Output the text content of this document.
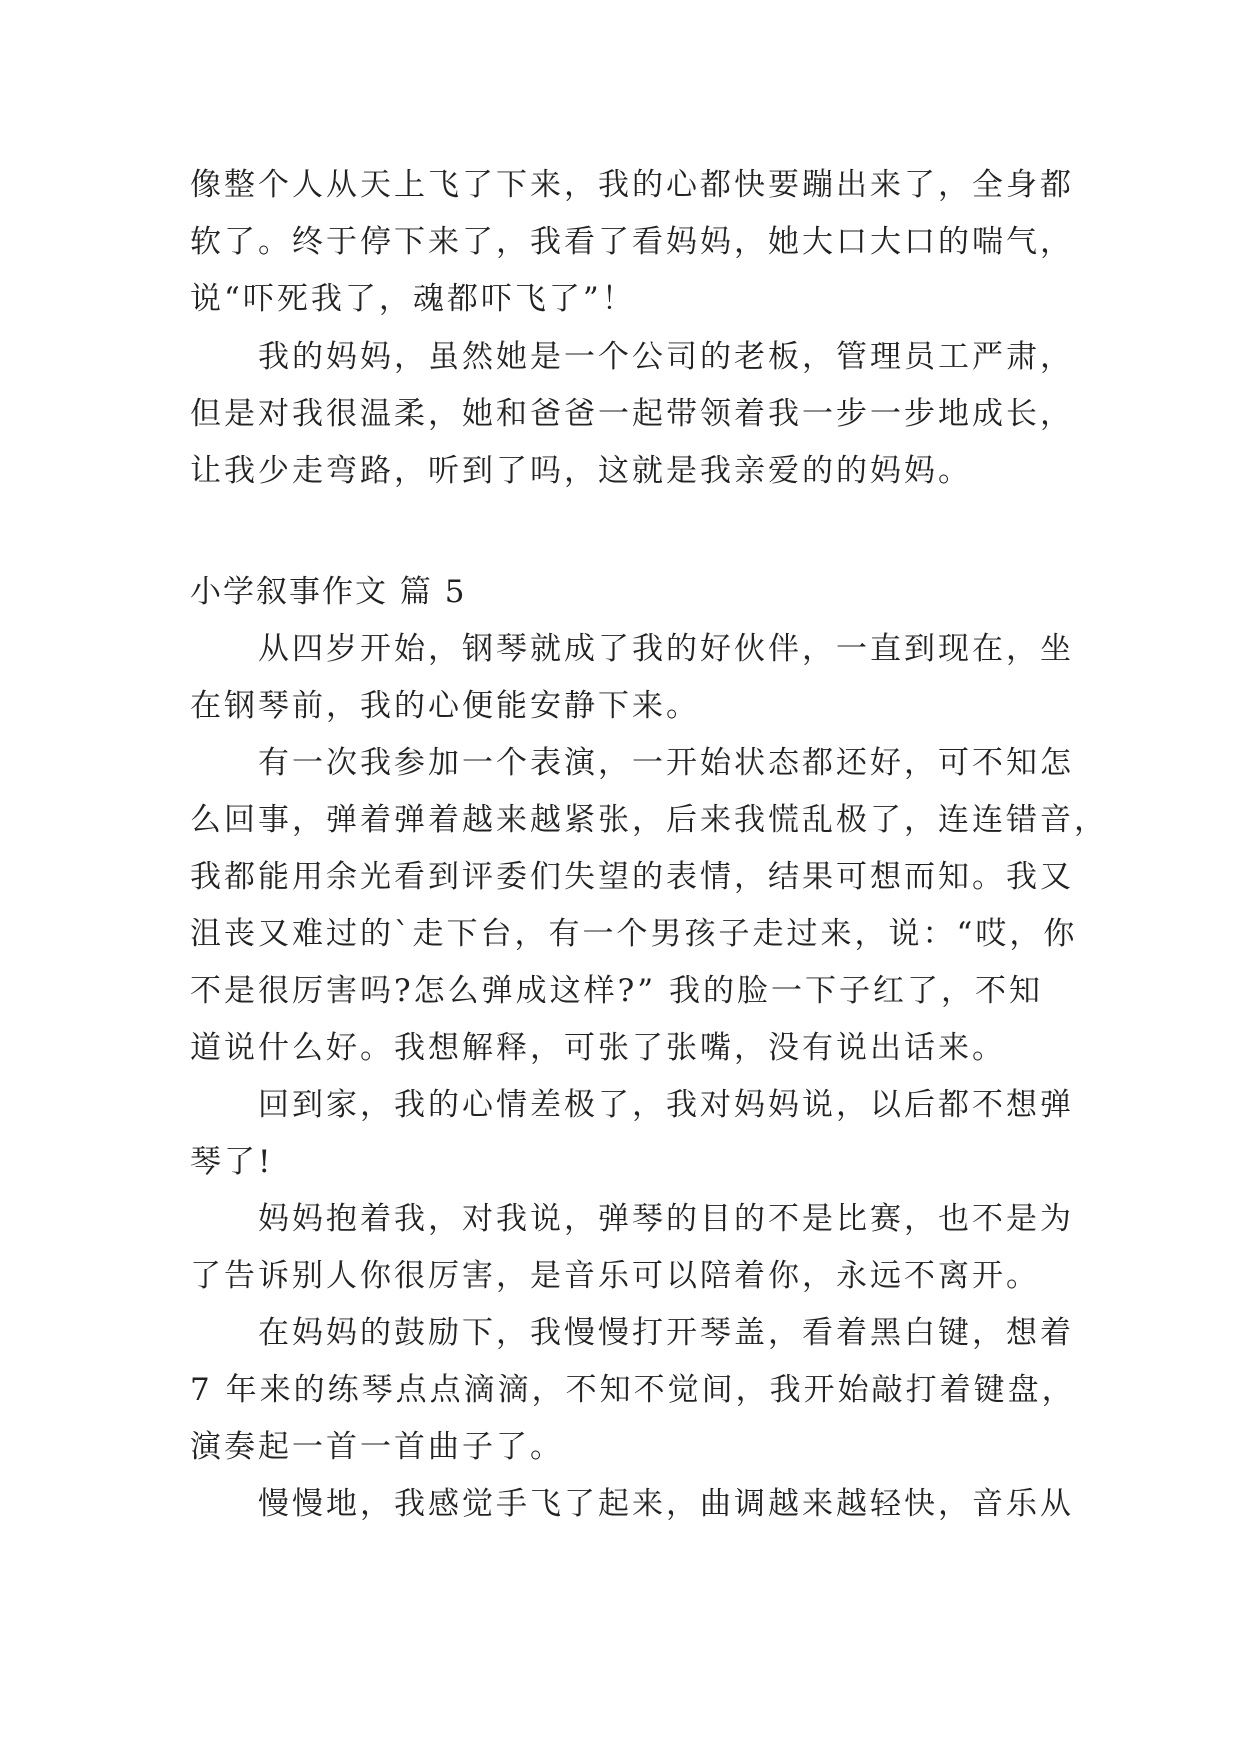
像整个人从天上飞了下来，我的心都快要蹦出来了，全身都
软了。终于停下来了，我看了看妈妈，她大口大口的喘气，
说“吓死我了，魂都吓飞了”！
我的妈妈，虽然她是一个公司的老板，管理员工严肃，
但是对我很温柔，她和爸爸一起带领着我一步一步地成长，
让我少走弯路，听到了吗，这就是我亲爱的的妈妈。
小学叙事作文 篇 5
从四岁开始，钢琴就成了我的好伙伴，一直到现在，坐
在钢琴前，我的心便能安静下来。
有一次我参加一个表演，一开始状态都还好，可不知怎
么回事，弹着弹着越来越紧张，后来我慌乱极了，连连错音，
我都能用余光看到评委们失望的表情，结果可想而知。我又
沮丧又难过的`走下台，有一个男孩子走过来，说：“哎，你
不是很厉害吗?怎么弹成这样?” 我的脸一下子红了，不知
道说什么好。我想解释，可张了张嘴，没有说出话来。
回到家，我的心情差极了，我对妈妈说，以后都不想弹
琴了!
妈妈抱着我，对我说，弹琴的目的不是比赛，也不是为
了告诉别人你很厉害，是音乐可以陪着你，永远不离开。
在妈妈的鼓励下，我慢慢打开琴盖，看着黑白键，想着
7 年来的练琴点点滴滴，不知不觉间，我开始敲打着键盘，
演奏起一首一首曲子了。
慢慢地，我感觉手飞了起来，曲调越来越轻快，音乐从
